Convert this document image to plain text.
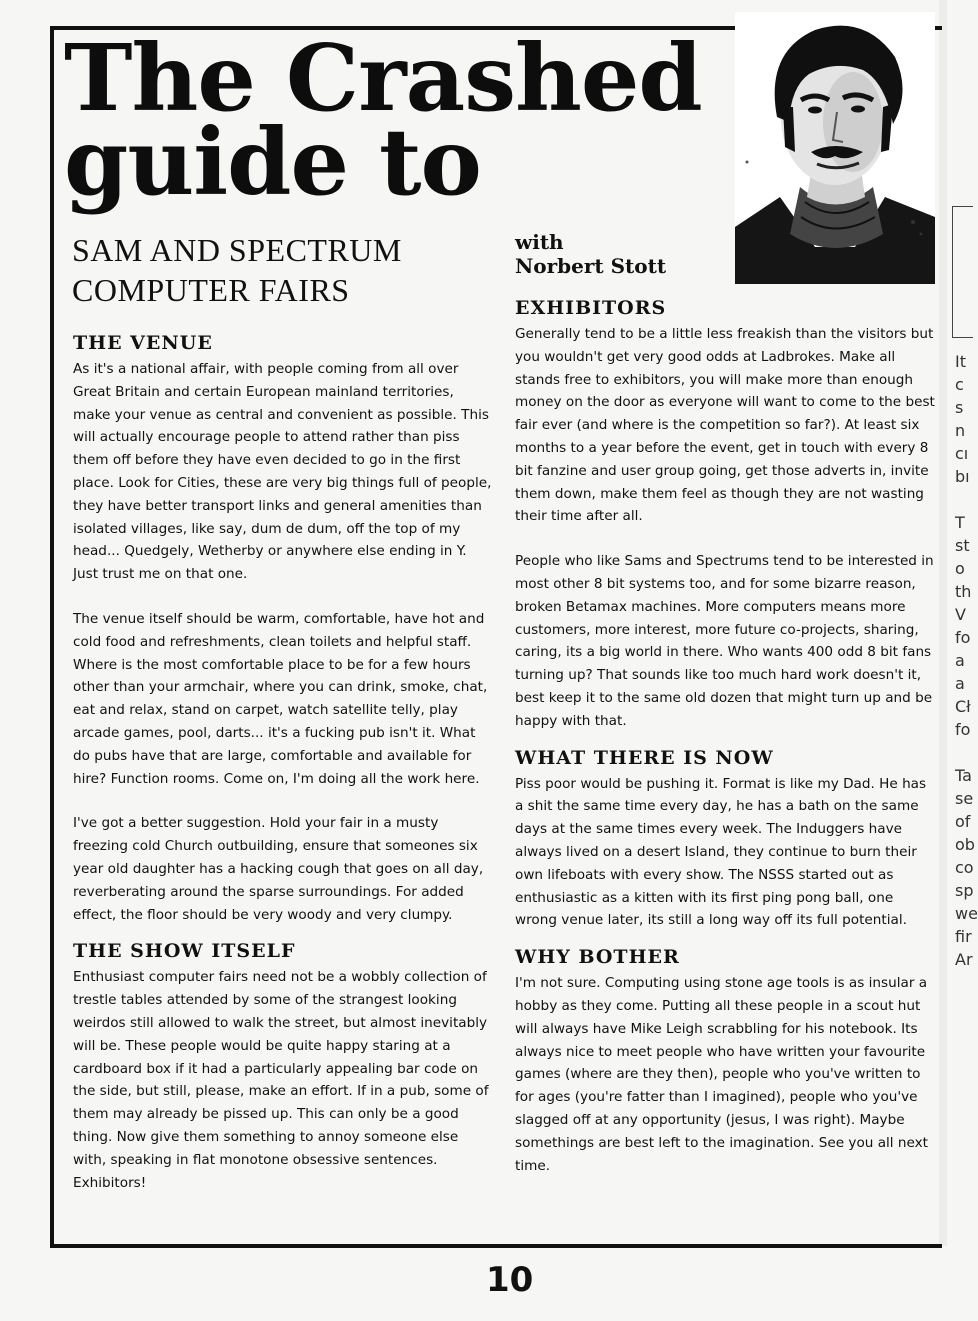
It
c
s
n
cı
bı

T
st
o
th
V
fo
a
a
Cł
fo

Ta
se
of
ob
co
sp
we
fir
Ar
The Crashed
guide to
SAM AND SPECTRUM
COMPUTER FAIRS
with
Norbert Stott
THE VENUE

As it's a national affair, with people coming from all over Great Britain and certain European mainland territories, make your venue as central and convenient as possible. This will actually encourage people to attend rather than piss them off before they have even decided to go in the first place. Look for Cities, these are very big things full of people, they have better transport links and general amenities than isolated villages, like say, dum de dum, off the top of my head... Quedgely, Wetherby or anywhere else ending in Y. Just trust me on that one.

The venue itself should be warm, comfortable, have hot and cold food and refreshments, clean toilets and helpful staff. Where is the most comfortable place to be for a few hours other than your armchair, where you can drink, smoke, chat, eat and relax, stand on carpet, watch satellite telly, play arcade games, pool, darts... it's a fucking pub isn't it. What do pubs have that are large, comfortable and available for hire? Function rooms. Come on, I'm doing all the work here.

I've got a better suggestion. Hold your fair in a musty freezing cold Church outbuilding, ensure that someones six year old daughter has a hacking cough that goes on all day, reverberating around the sparse surroundings. For added effect, the floor should be very woody and very clumpy.

THE SHOW ITSELF

Enthusiast computer fairs need not be a wobbly collection of trestle tables attended by some of the strangest looking weirdos still allowed to walk the street, but almost inevitably will be. These people would be quite happy staring at a cardboard box if it had a particularly appealing bar code on the side, but still, please, make an effort. If in a pub, some of them may already be pissed up. This can only be a good thing. Now give them something to annoy someone else with, speaking in flat monotone obsessive sentences. Exhibitors!

EXHIBITORS

Generally tend to be a little less freakish than the visitors but you wouldn't get very good odds at Ladbrokes. Make all stands free to exhibitors, you will make more than enough money on the door as everyone will want to come to the best fair ever (and where is the competition so far?). At least six months to a year before the event, get in touch with every 8 bit fanzine and user group going, get those adverts in, invite them down, make them feel as though they are not wasting their time after all.

People who like Sams and Spectrums tend to be interested in most other 8 bit systems too, and for some bizarre reason, broken Betamax machines. More computers means more customers, more interest, more future co-projects, sharing, caring, its a big world in there. Who wants 400 odd 8 bit fans turning up? That sounds like too much hard work doesn't it, best keep it to the same old dozen that might turn up and be happy with that.

WHAT THERE IS NOW

Piss poor would be pushing it. Format is like my Dad. He has a shit the same time every day, he has a bath on the same days at the same times every week. The Induggers have always lived on a desert Island, they continue to burn their own lifeboats with every show. The NSSS started out as enthusiastic as a kitten with its first ping pong ball, one wrong venue later, its still a long way off its full potential.

WHY BOTHER

I'm not sure. Computing using stone age tools is as insular a hobby as they come. Putting all these people in a scout hut will always have Mike Leigh scrabbling for his notebook. Its always nice to meet people who have written your favourite games (where are they then), people who you've written to for ages (you're fatter than I imagined), people who you've slagged off at any opportunity (jesus, I was right). Maybe somethings are best left to the imagination. See you all next time.

10
